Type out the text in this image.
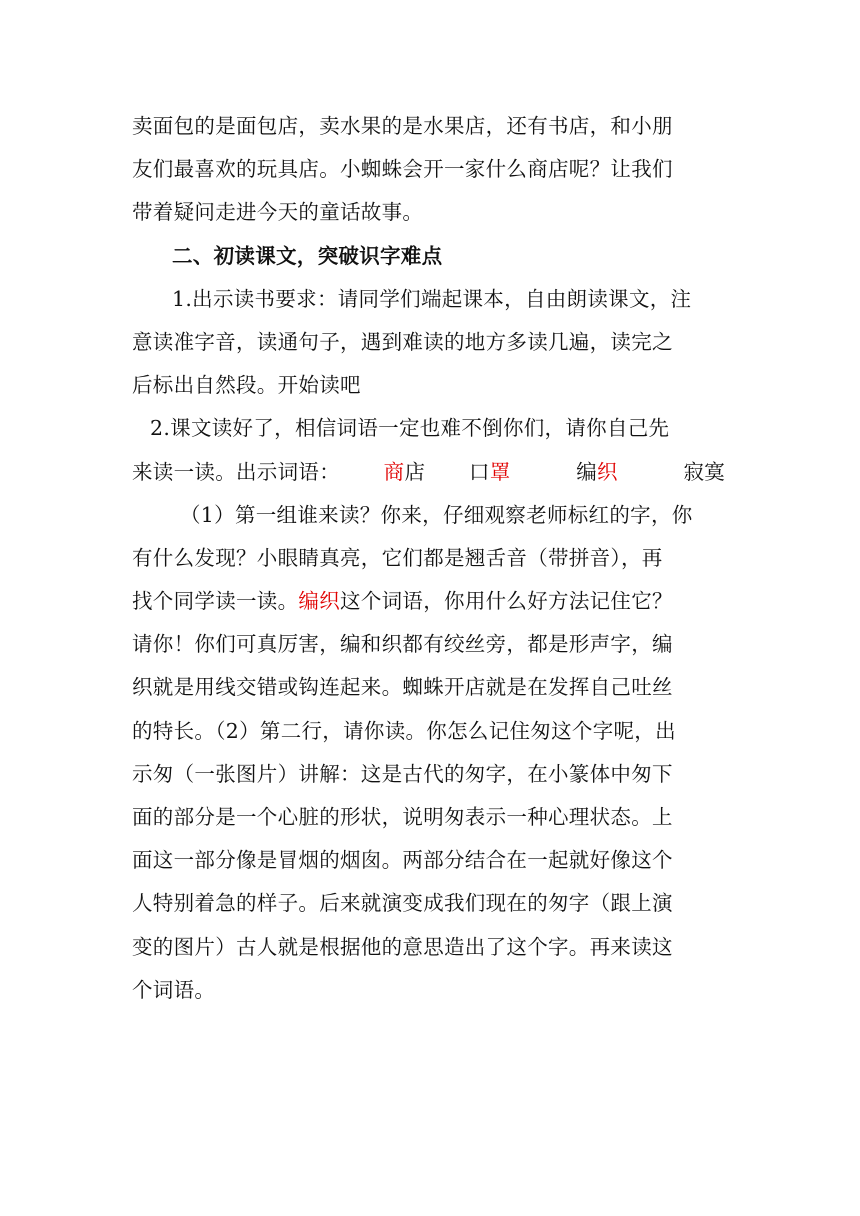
卖面包的是面包店，卖水果的是水果店，还有书店，和小朋
友们最喜欢的玩具店。小蜘蛛会开一家什么商店呢？让我们
带着疑问走进今天的童话故事。
二、初读课文，突破识字难点
1.出示读书要求：请同学们端起课本，自由朗读课文，注
意读准字音，读通句子，遇到难读的地方多读几遍，读完之
后标出自然段。开始读吧
2.课文读好了，相信词语一定也难不倒你们，请你自己先
来读一读。出示词语： 商店 口罩	编织	寂寞
（1）第一组谁来读？你来，仔细观察老师标红的字，你
有什么发现？小眼睛真亮，它们都是翘舌音（带拼音），再
找个同学读一读。编织这个词语，你用什么好方法记住它？
请你！你们可真厉害，编和织都有绞丝旁，都是形声字，编
织就是用线交错或钩连起来。蜘蛛开店就是在发挥自己吐丝
的特长。（2）第二行，请你读。你怎么记住匆这个字呢，出
示匆（一张图片）讲解：这是古代的匆字，在小篆体中匆下
面的部分是一个心脏的形状，说明匆表示一种心理状态。上
面这一部分像是冒烟的烟囱。两部分结合在一起就好像这个
人特别着急的样子。后来就演变成我们现在的匆字（跟上演
变的图片）古人就是根据他的意思造出了这个字。再来读这
个词语。
